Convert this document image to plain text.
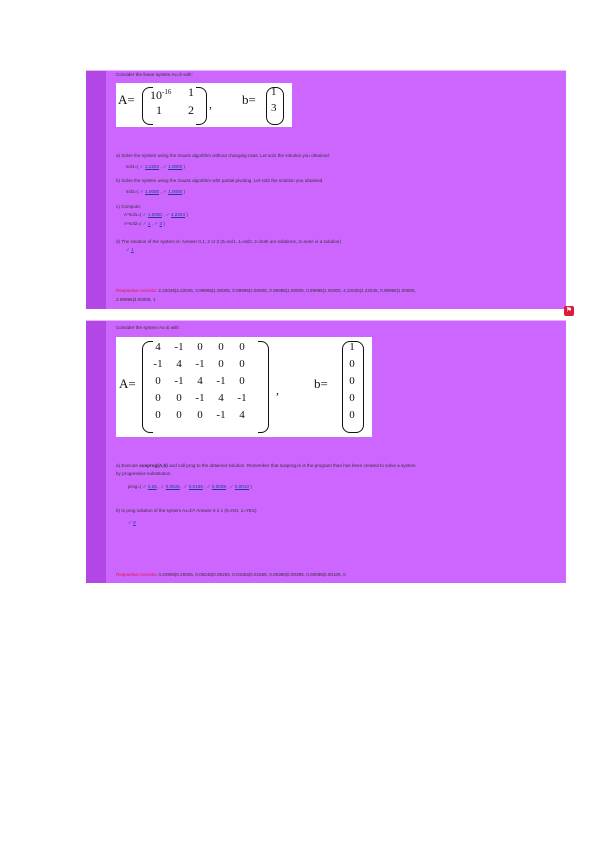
Consider the linear system Ax=b with:
$A= 10^{-16}$ 1
1 2 , b= 1
3
a) Solve the system using the Gauss algorithm without changing rows. Let sol1 the solution you obtained.
sol1=( ✓ 2.2204 , ✓ 1.0000 )
b) Solve the system using the Gauss algorithm whit partial pivoting. Let sol2 the solution you obtained.
sol2=( ✓ 1.0000 , ✓ 1.0000 )
c) Compute:
A*sol1=( ✓ 1.0000 , ✓ 4.2204 )
A*sol2=( ✓ 1 , ✓ 3 )
d) The solution of the system is: Answer 0,1, 2 or 3 (0=sol1, 1=sol2, 2=both are solutions, 3=none is a solution)
✓ 1
Respuesta correcta: 2.22035|2.22045, 0.99995|1.00005, 0.99995|1.00005, 0.99995|1.00005, 0.99995|1.00005, 4.22035|4.22045, 0.99995|1.00005,
2.99995|3.00005, 1
⚑
Consider the system Ax=b with
A=
4	-1	0	0	0
-1	4	-1	0	0
0	-1	4	-1	0
0	0	-1	4	-1
0	0	0	-1	4
,	b=
1
0
0
0
0
a) Execute susprog(A,b) and call prog to the obtained solution. Remember that susprog.m is the program than has been created to solve a system
by progressive substitution.
prog=( ✓ 0.25 , ✓ 0.0625 , ✓ 0.0156 , ✓ 0.0039 , ✓ 0.0010 )
b) Is prog solution of the system Ax=b? Answer 0 ó 1 (0=NO, 1=YES)
✓ 0
Respuesta correcta: 0.24995|0.25005, 0.06245|0.06255, 0.01555|0.01565, 0.00385|0.00395, 0.00095|0.00105, 0
